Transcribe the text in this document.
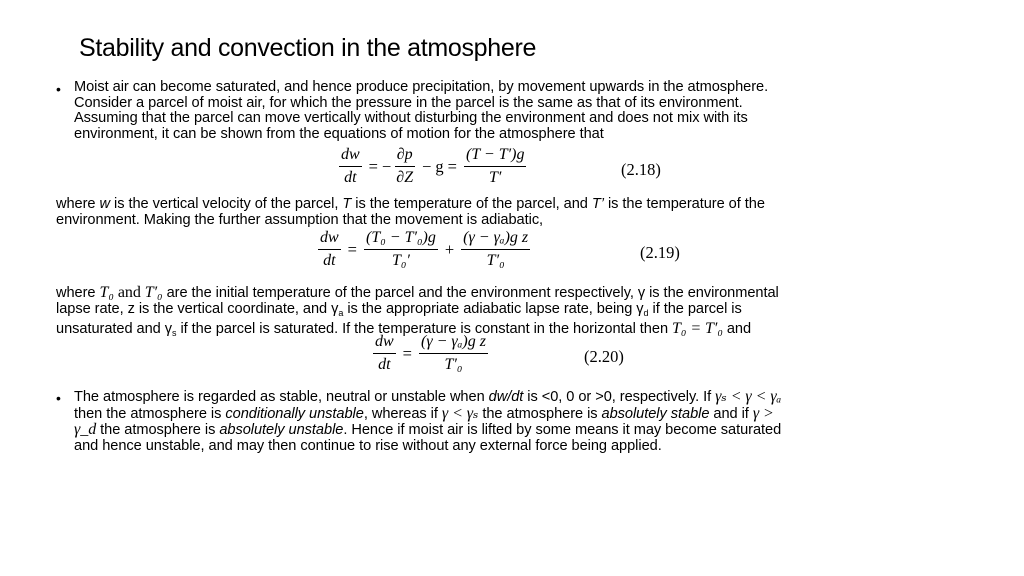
Stability and convection in the atmosphere
• Moist air can become saturated, and hence produce precipitation, by movement upwards in the atmosphere.
Consider a parcel of moist air, for which the pressure in the parcel is the same as that of its environment.
Assuming that the parcel can move vertically without disturbing the environment and does not mix with its
environment, it can be shown from the equations of motion for the atmosphere that
$\frac{dw}{dt}$ = − $\frac{\partial p}{\partial Z} - g = \frac{(T - T')g}{T'}$	(2.18)
where w is the vertical velocity of the parcel, T is the temperature of the parcel, and T’ is the temperature of the
environment. Making the further assumption that the movement is adiabatic,
$\frac{dw}{dt} = \frac{\text{(T₀ − T′₀)g}}{\text{T₀′}} + \frac{\text{(γ − γₐ)g z}}{\text{T′₀}}$	(2.19)
where T₀ and T′₀ are the initial temperature of the parcel and the environment respectively, γ is the environmental
lapse rate, z is the vertical coordinate, and $\gamma_a$ is the appropriate adiabatic lapse rate, being $\gamma_d$ if the parcel is
unsaturated and $\gamma_s$ if the parcel is saturated. If the temperature is constant in the horizontal then T₀ = T′₀ and
$\frac{dw}{dt} = \frac{\text{(γ − γₐ)g z}}{\text{T′₀}}$	(2.20)
• The atmosphere is regarded as stable, neutral or unstable when dw/dt is <0, 0 or >0, respectively. If γₛ < γ < γₐ
then the atmosphere is conditionally unstable, whereas if γ < γₛ the atmosphere is absolutely stable and if γ >
γ_d the atmosphere is absolutely unstable. Hence if moist air is lifted by some means it may become saturated
and hence unstable, and may then continue to rise without any external force being applied.
